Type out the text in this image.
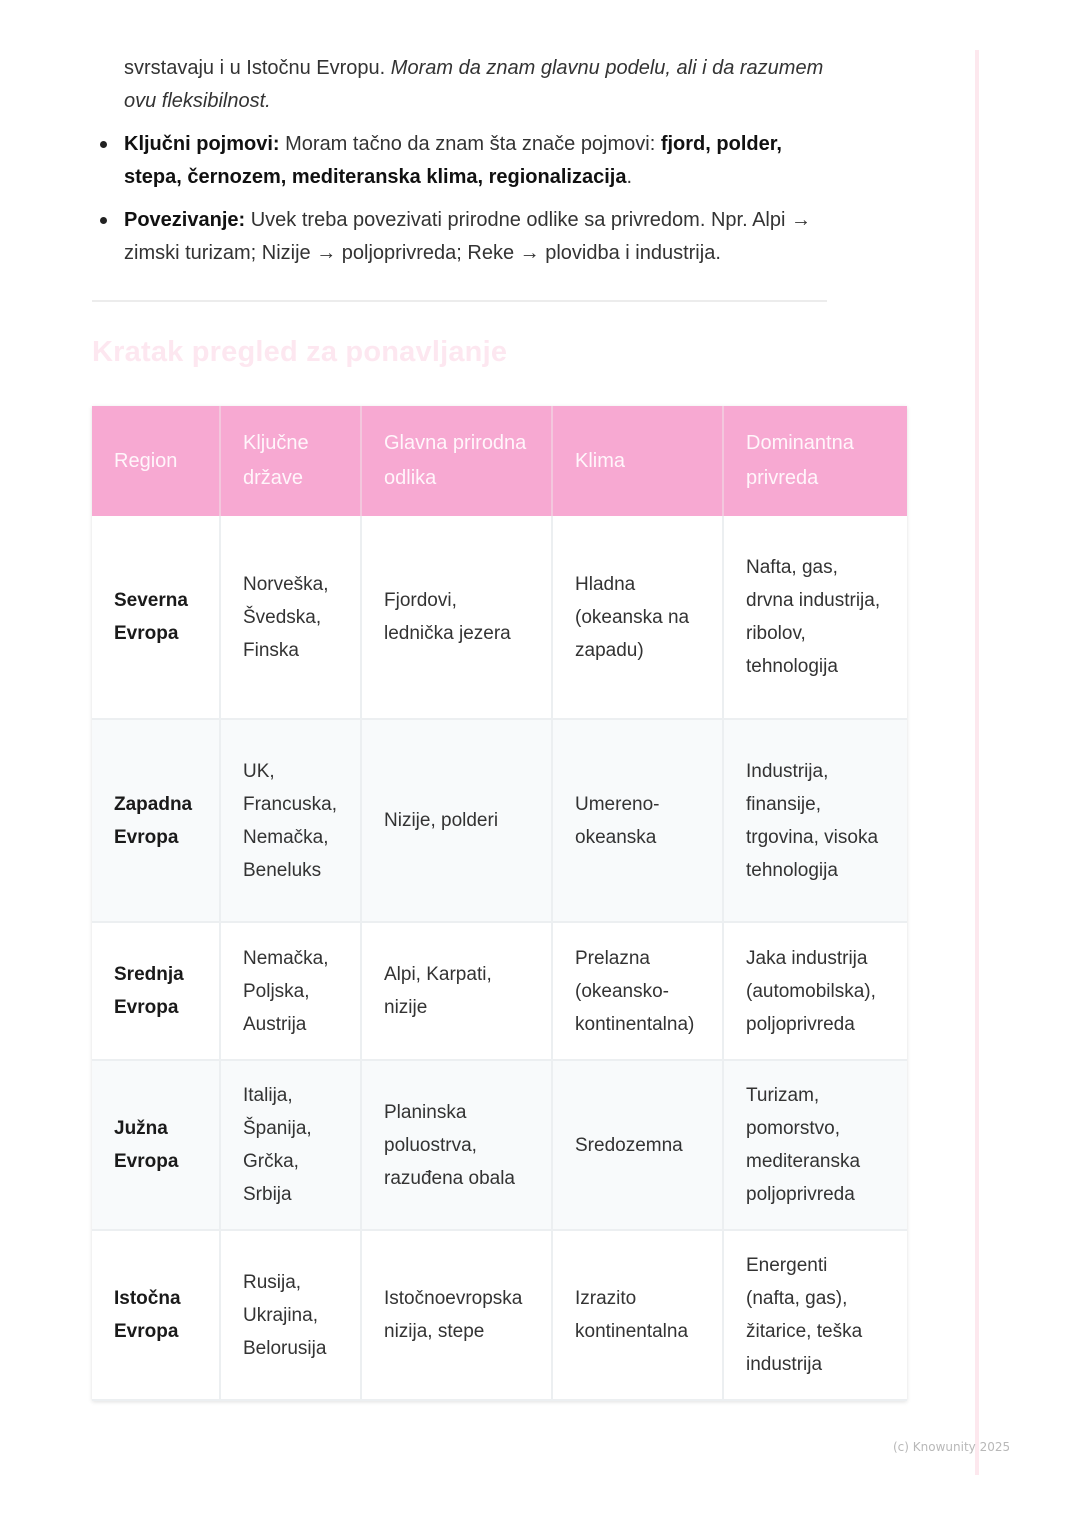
svrstavaju i u Istočnu Evropu. Moram da znam glavnu podelu, ali i da razumem ovu fleksibilnost.

Ključni pojmovi: Moram tačno da znam šta znače pojmovi: fjord, polder, stepa, černozem, mediteranska klima, regionalizacija.
Povezivanje: Uvek treba povezivati prirodne odlike sa privredom. Npr. Alpi → zimski turizam; Nizije → poljoprivreda; Reke → plovidba i industrija.
Kratak pregled za ponavljanje
Region	Ključne države	Glavna prirodna odlika	Klima	Dominantna privreda
Severna Evropa	Norveška, Švedska, Finska	Fjordovi, lednička jezera	Hladna (okeanska na zapadu)	Nafta, gas, drvna industrija, ribolov, tehnologija
Zapadna Evropa	UK, Francuska, Nemačka, Beneluks	Nizije, polderi	Umereno-okeanska	Industrija, finansije, trgovina, visoka tehnologija
Srednja Evropa	Nemačka, Poljska, Austrija	Alpi, Karpati, nizije	Prelazna (okeansko-kontinentalna)	Jaka industrija (automobilska), poljoprivreda
Južna Evropa	Italija, Španija, Grčka, Srbija	Planinska poluostrva, razuđena obala	Sredozemna	Turizam, pomorstvo, mediteranska poljoprivreda
Istočna Evropa	Rusija, Ukrajina, Belorusija	Istočnoevropska nizija, stepe	Izrazito kontinentalna	Energenti (nafta, gas), žitarice, teška industrija
(c) Knowunity 2025
